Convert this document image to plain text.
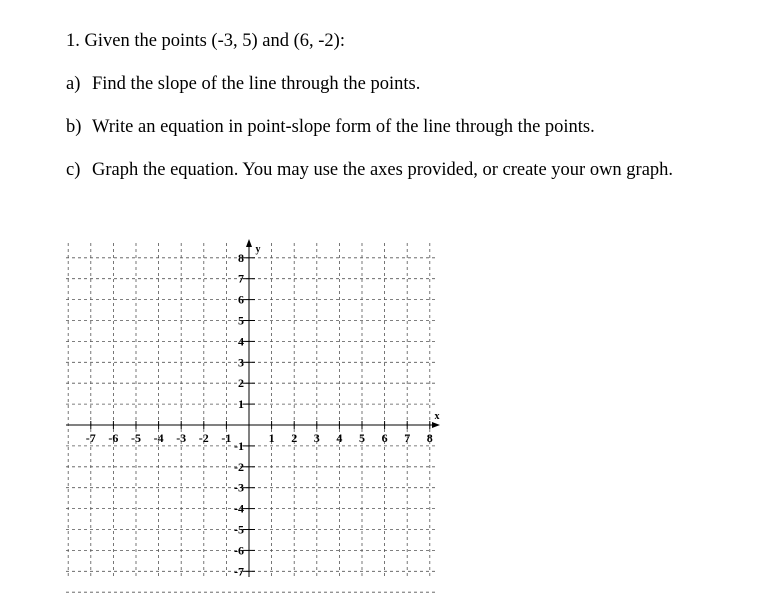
1. Given the points (-3, 5) and (6, -2):

a) Find the slope of the line through the points.

b) Write an equation in point-slope form of the line through the points.

c) Graph the equation. You may use the axes provided, or create your own graph.

-7 -6 -5 -4 -3 -2 -1	1 2 3 4 5 6 7 8
8
7
6
5
4
3
2
1
-1
-2
-3
-4
-5
-6
-7
x
y
